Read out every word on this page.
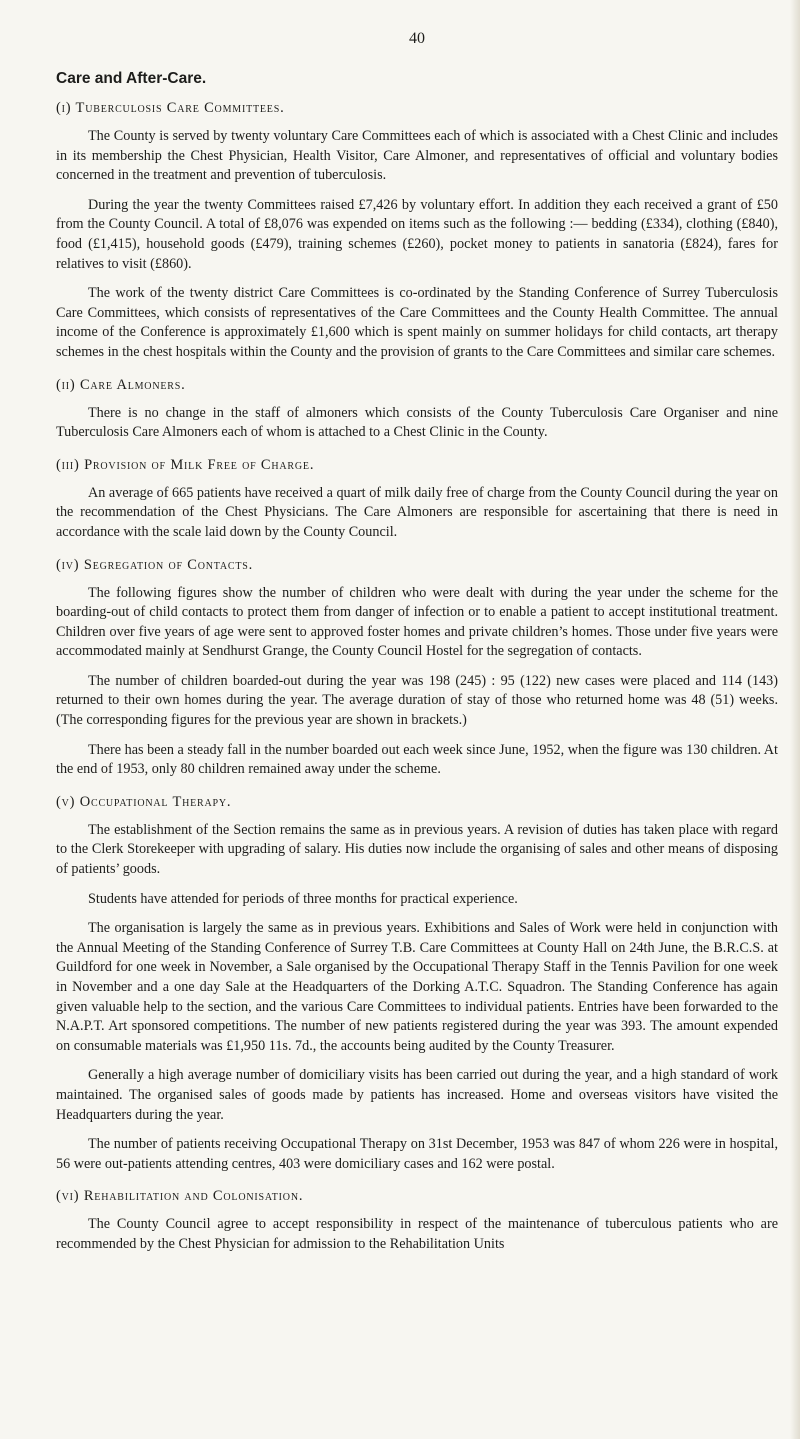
40
Care and After-Care.
(i) Tuberculosis Care Committees.

The County is served by twenty voluntary Care Committees each of which is associated with a Chest Clinic and includes in its membership the Chest Physician, Health Visitor, Care Almoner, and representatives of official and voluntary bodies concerned in the treatment and prevention of tuberculosis.

During the year the twenty Committees raised £7,426 by voluntary effort. In addition they each received a grant of £50 from the County Council. A total of £8,076 was expended on items such as the following :— bedding (£334), clothing (£840), food (£1,415), household goods (£479), training schemes (£260), pocket money to patients in sanatoria (£824), fares for relatives to visit (£860).

The work of the twenty district Care Committees is co-ordinated by the Standing Conference of Surrey Tuberculosis Care Committees, which consists of representatives of the Care Committees and the County Health Committee. The annual income of the Conference is approximately £1,600 which is spent mainly on summer holidays for child contacts, art therapy schemes in the chest hospitals within the County and the provision of grants to the Care Committees and similar care schemes.

(ii) Care Almoners.

There is no change in the staff of almoners which consists of the County Tuberculosis Care Organiser and nine Tuberculosis Care Almoners each of whom is attached to a Chest Clinic in the County.

(iii) Provision of Milk Free of Charge.

An average of 665 patients have received a quart of milk daily free of charge from the County Council during the year on the recommendation of the Chest Physicians. The Care Almoners are responsible for ascertaining that there is need in accordance with the scale laid down by the County Council.

(iv) Segregation of Contacts.

The following figures show the number of children who were dealt with during the year under the scheme for the boarding-out of child contacts to protect them from danger of infection or to enable a patient to accept institutional treatment. Children over five years of age were sent to approved foster homes and private children’s homes. Those under five years were accommodated mainly at Sendhurst Grange, the County Council Hostel for the segregation of contacts.

The number of children boarded-out during the year was 198 (245) : 95 (122) new cases were placed and 114 (143) returned to their own homes during the year. The average duration of stay of those who returned home was 48 (51) weeks. (The corresponding figures for the previous year are shown in brackets.)

There has been a steady fall in the number boarded out each week since June, 1952, when the figure was 130 children. At the end of 1953, only 80 children remained away under the scheme.

(v) Occupational Therapy.

The establishment of the Section remains the same as in previous years. A revision of duties has taken place with regard to the Clerk Storekeeper with upgrading of salary. His duties now include the organising of sales and other means of disposing of patients’ goods.

Students have attended for periods of three months for practical experience.

The organisation is largely the same as in previous years. Exhibitions and Sales of Work were held in conjunction with the Annual Meeting of the Standing Conference of Surrey T.B. Care Committees at County Hall on 24th June, the B.R.C.S. at Guildford for one week in November, a Sale organised by the Occupational Therapy Staff in the Tennis Pavilion for one week in November and a one day Sale at the Headquarters of the Dorking A.T.C. Squadron. The Standing Conference has again given valuable help to the section, and the various Care Committees to individual patients. Entries have been forwarded to the N.A.P.T. Art sponsored competitions. The number of new patients registered during the year was 393. The amount expended on consumable materials was £1,950 11s. 7d., the accounts being audited by the County Treasurer.

Generally a high average number of domiciliary visits has been carried out during the year, and a high standard of work maintained. The organised sales of goods made by patients has increased. Home and overseas visitors have visited the Headquarters during the year.

The number of patients receiving Occupational Therapy on 31st December, 1953 was 847 of whom 226 were in hospital, 56 were out-patients attending centres, 403 were domiciliary cases and 162 were postal.

(vi) Rehabilitation and Colonisation.

The County Council agree to accept responsibility in respect of the maintenance of tuberculous patients who are recommended by the Chest Physician for admission to the Rehabilitation Units
